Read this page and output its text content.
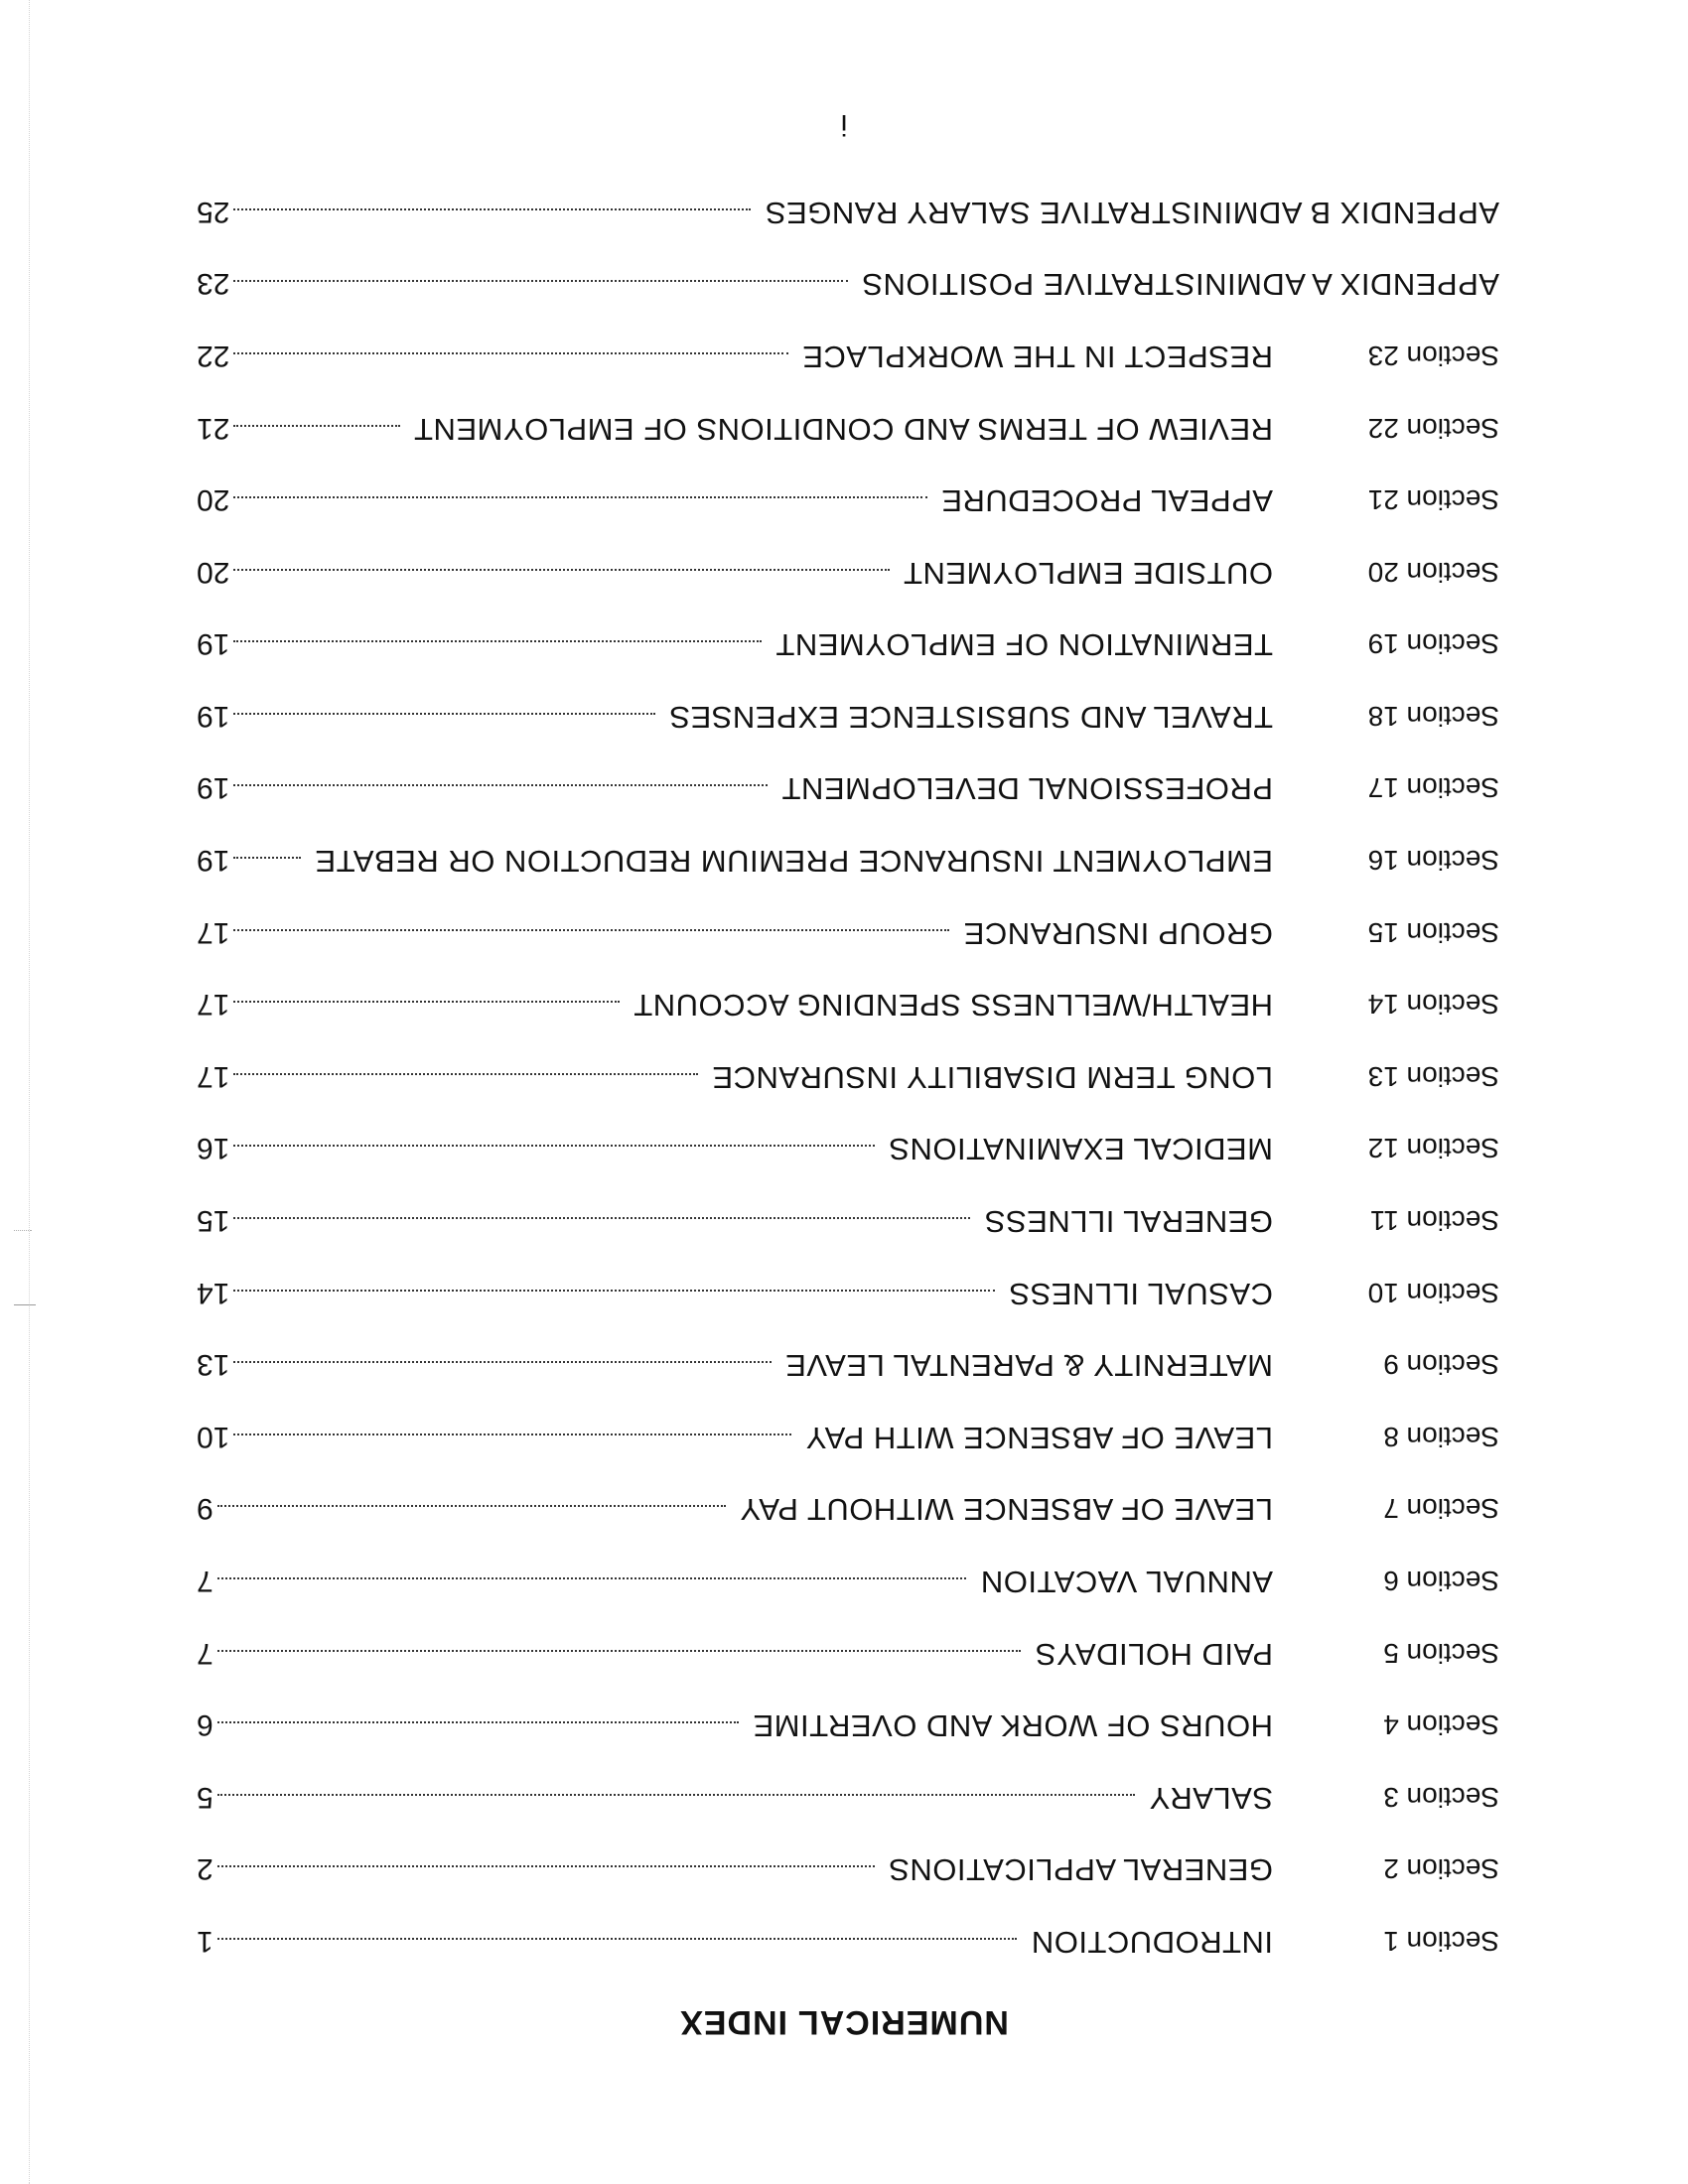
NUMERICAL INDEX
Section 1
INTRODUCTION
1
Section 2
GENERAL APPLICATIONS
2
Section 3
SALARY
5
Section 4
HOURS OF WORK AND OVERTIME
6
Section 5
PAID HOLIDAYS
7
Section 6
ANNUAL VACATION
7
Section 7
LEAVE OF ABSENCE WITHOUT PAY
9
Section 8
LEAVE OF ABSENCE WITH PAY
10
Section 9
MATERNITY & PARENTAL LEAVE
13
Section 10
CASUAL ILLNESS
14
Section 11
GENERAL ILLNESS
15
Section 12
MEDICAL EXAMINATIONS
16
Section 13
LONG TERM DISABILITY INSURANCE
17
Section 14
HEALTH/WELLNESS SPENDING ACCOUNT
17
Section 15
GROUP INSURANCE
17
Section 16
EMPLOYMENT INSURANCE PREMIUM REDUCTION OR REBATE
19
Section 17
PROFESSIONAL DEVELOPMENT
19
Section 18
TRAVEL AND SUBSISTENCE EXPENSES
19
Section 19
TERMINATION OF EMPLOYMENT
19
Section 20
OUTSIDE EMPLOYMENT
20
Section 21
APPEAL PROCEDURE
20
Section 22
REVIEW OF TERMS AND CONDITIONS OF EMPLOYMENT
21
Section 23
RESPECT IN THE WORKPLACE
22
APPENDIX A ADMINISTRATIVE POSITIONS
23
APPENDIX B ADMINISTRATIVE SALARY RANGES
25
i
